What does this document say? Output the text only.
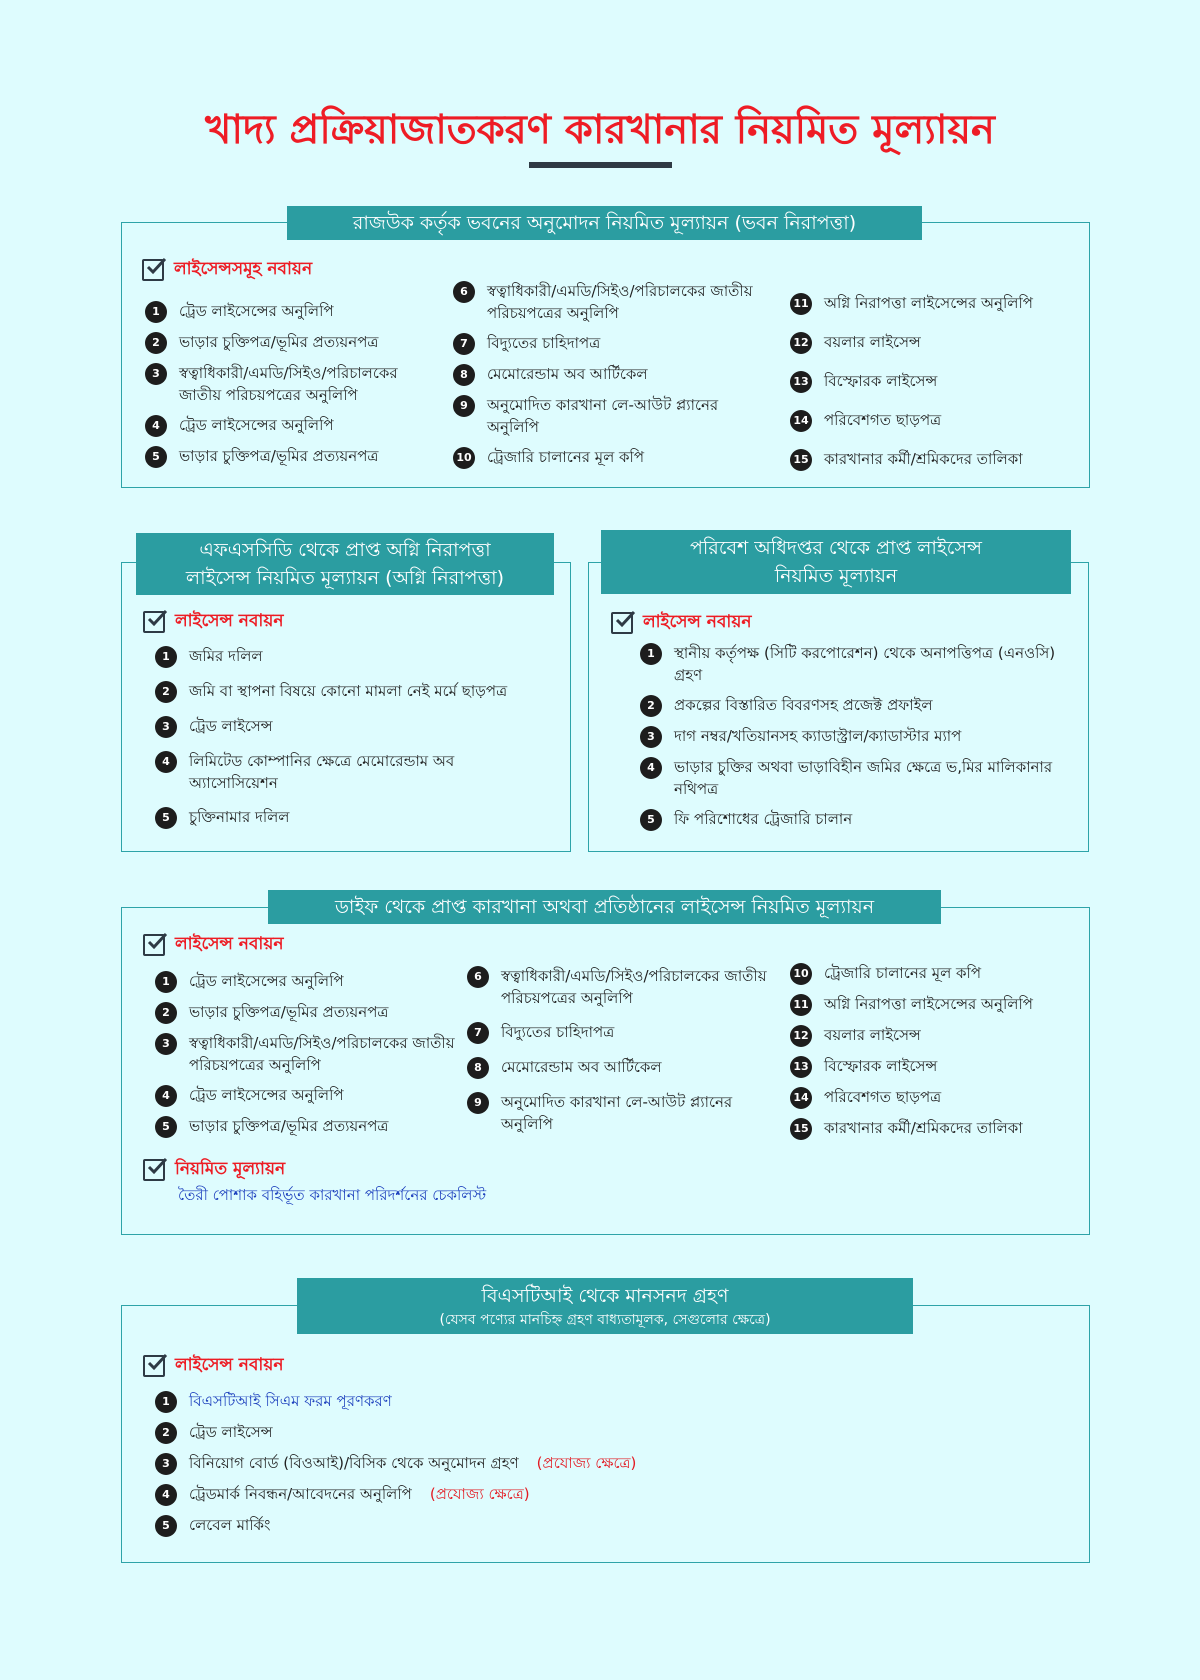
খাদ্য প্রক্রিয়াজাতকরণ কারখানার নিয়মিত মূল্যায়ন
রাজউক কর্তৃক ভবনের অনুমোদন নিয়মিত মূল্যায়ন (ভবন নিরাপত্তা)
লাইসেন্সসমূহ নবায়ন
1	ট্রেড লাইসেন্সের অনুলিপি
2	ভাড়ার চুক্তিপত্র/ভূমির প্রত্যয়নপত্র
3	স্বত্বাধিকারী/এমডি/সিইও/পরিচালকের জাতীয় পরিচয়পত্রের অনুলিপি
4	ট্রেড লাইসেন্সের অনুলিপি
5	ভাড়ার চুক্তিপত্র/ভূমির প্রত্যয়নপত্র
6	স্বত্বাধিকারী/এমডি/সিইও/পরিচালকের জাতীয় পরিচয়পত্রের অনুলিপি
7	বিদ্যুতের চাহিদাপত্র
8	মেমোরেন্ডাম অব আর্টিকেল
9	অনুমোদিত কারখানা লে-আউট প্ল্যানের অনুলিপি
10 ট্রেজারি চালানের মূল কপি
11 অগ্নি নিরাপত্তা লাইসেন্সের অনুলিপি
12 বয়লার লাইসেন্স
13 বিস্ফোরক লাইসেন্স
14 পরিবেশগত ছাড়পত্র
15 কারখানার কর্মী/শ্রমিকদের তালিকা
এফএসসিডি থেকে প্রাপ্ত অগ্নি নিরাপত্তা
লাইসেন্স নিয়মিত মূল্যায়ন (অগ্নি নিরাপত্তা)
লাইসেন্স নবায়ন
1	জমির দলিল
2	জমি বা স্থাপনা বিষয়ে কোনো মামলা নেই মর্মে ছাড়পত্র
3	ট্রেড লাইসেন্স
4	লিমিটেড কোম্পানির ক্ষেত্রে মেমোরেন্ডাম অব অ্যাসোসিয়েশন
5	চুক্তিনামার দলিল
পরিবেশ অধিদপ্তর থেকে প্রাপ্ত লাইসেন্স
নিয়মিত মূল্যায়ন
লাইসেন্স নবায়ন
1	স্থানীয় কর্তৃপক্ষ (সিটি করপোরেশন) থেকে অনাপত্তিপত্র (এনওসি) গ্রহণ
2	প্রকল্পের বিস্তারিত বিবরণসহ প্রজেক্ট প্রফাইল
3	দাগ নম্বর/খতিয়ানসহ ক্যাডাস্ট্রাল/ক্যাডাস্টার ম্যাপ
4	ভাড়ার চুক্তির অথবা ভাড়াবিহীন জমির ক্ষেত্রে ভ‚মির মালিকানার নথিপত্র
5	ফি পরিশোধের ট্রেজারি চালান
ডাইফ থেকে প্রাপ্ত কারখানা অথবা প্রতিষ্ঠানের লাইসেন্স নিয়মিত মূল্যায়ন
লাইসেন্স নবায়ন
1	ট্রেড লাইসেন্সের অনুলিপি
2	ভাড়ার চুক্তিপত্র/ভূমির প্রত্যয়নপত্র
3	স্বত্বাধিকারী/এমডি/সিইও/পরিচালকের জাতীয় পরিচয়পত্রের অনুলিপি
4	ট্রেড লাইসেন্সের অনুলিপি
5	ভাড়ার চুক্তিপত্র/ভূমির প্রত্যয়নপত্র
6	স্বত্বাধিকারী/এমডি/সিইও/পরিচালকের জাতীয় পরিচয়পত্রের অনুলিপি
7	বিদ্যুতের চাহিদাপত্র
8	মেমোরেন্ডাম অব আর্টিকেল
9	অনুমোদিত কারখানা লে-আউট প্ল্যানের অনুলিপি
10 ট্রেজারি চালানের মূল কপি
11 অগ্নি নিরাপত্তা লাইসেন্সের অনুলিপি
12 বয়লার লাইসেন্স
13 বিস্ফোরক লাইসেন্স
14 পরিবেশগত ছাড়পত্র
15 কারখানার কর্মী/শ্রমিকদের তালিকা
নিয়মিত মূল্যায়ন
তৈরী পোশাক বহির্ভূত কারখানা পরিদর্শনের চেকলিস্ট
বিএসটিআই থেকে মানসনদ গ্রহণ
(যেসব পণ্যের মানচিহ্ন গ্রহণ বাধ্যতামূলক, সেগুলোর ক্ষেত্রে)
লাইসেন্স নবায়ন
1	বিএসটিআই সিএম ফরম পূরণকরণ
2	ট্রেড লাইসেন্স
3	বিনিয়োগ বোর্ড (বিওআই)/বিসিক থেকে অনুমোদন গ্রহণ (প্রযোজ্য ক্ষেত্রে)
4	ট্রেডমার্ক নিবন্ধন/আবেদনের অনুলিপি (প্রযোজ্য ক্ষেত্রে)
5	লেবেল মার্কিং
